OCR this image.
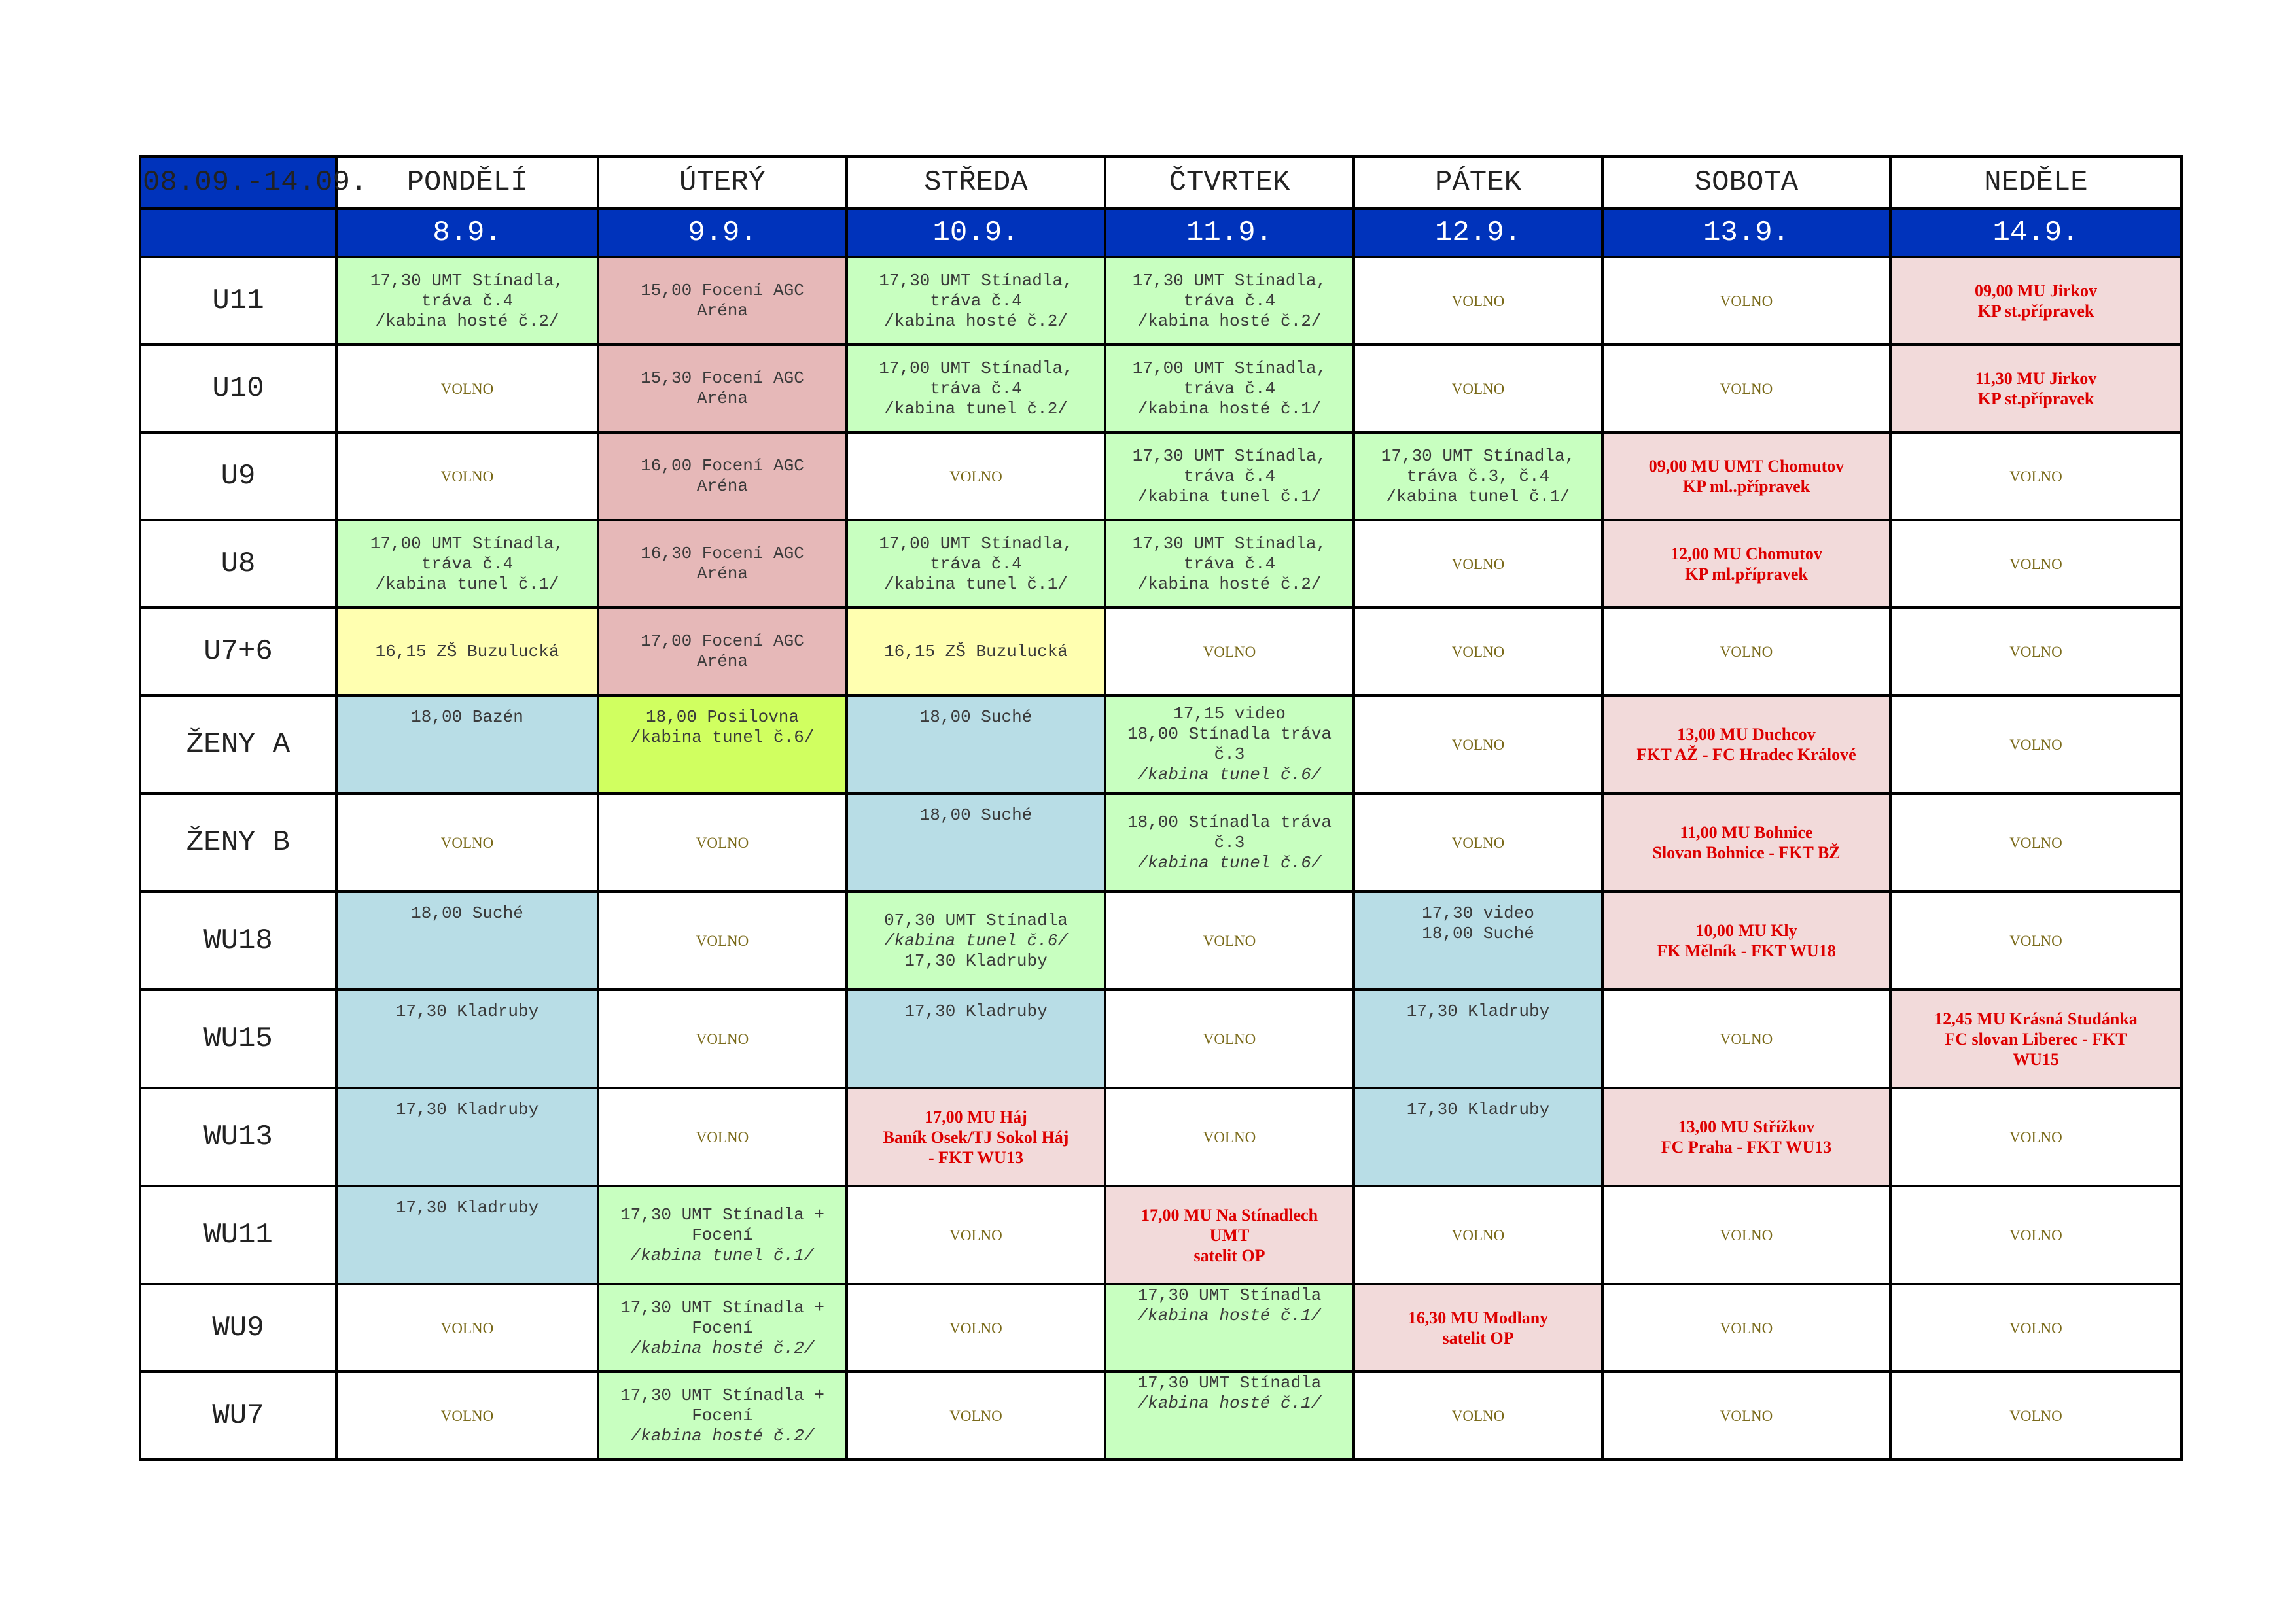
08.09.-14.09.	PONDĚLÍ	ÚTERÝ	STŘEDA	ČTVRTEK	PÁTEK	SOBOTA	NEDĚLE
	8.9.	9.9.	10.9.	11.9.	12.9.	13.9.	14.9.
U11	17,30 UMT Stínadla,
tráva č.4
/kabina hosté č.2/	15,00 Focení AGC
Aréna	17,30 UMT Stínadla,
tráva č.4
/kabina hosté č.2/	17,30 UMT Stínadla,
tráva č.4
/kabina hosté č.2/	VOLNO	VOLNO	09,00 MU Jirkov
KP st.přípravek
U10	VOLNO	15,30 Focení AGC
Aréna	17,00 UMT Stínadla,
tráva č.4
/kabina tunel č.2/	17,00 UMT Stínadla,
tráva č.4
/kabina hosté č.1/	VOLNO	VOLNO	11,30 MU Jirkov
KP st.přípravek
U9	VOLNO	16,00 Focení AGC
Aréna	VOLNO	17,30 UMT Stínadla,
tráva č.4
/kabina tunel č.1/	17,30 UMT Stínadla,
tráva č.3, č.4
/kabina tunel č.1/	09,00 MU UMT Chomutov
KP ml..přípravek	VOLNO
U8	17,00 UMT Stínadla,
tráva č.4
/kabina tunel č.1/	16,30 Focení AGC
Aréna	17,00 UMT Stínadla,
tráva č.4
/kabina tunel č.1/	17,30 UMT Stínadla,
tráva č.4
/kabina hosté č.2/	VOLNO	12,00 MU Chomutov
KP ml.přípravek	VOLNO
U7+6	16,15 ZŠ Buzulucká	17,00 Focení AGC
Aréna	16,15 ZŠ Buzulucká	VOLNO	VOLNO	VOLNO	VOLNO
ŽENY A	18,00 Bazén	18,00 Posilovna
/kabina tunel č.6/	18,00 Suché	17,15 video
18,00 Stínadla tráva
č.3
/kabina tunel č.6/	VOLNO	13,00 MU Duchcov
FKT AŽ - FC Hradec Králové	VOLNO
ŽENY B	VOLNO	VOLNO	18,00 Suché	18,00 Stínadla tráva
č.3
/kabina tunel č.6/	VOLNO	11,00 MU Bohnice
Slovan Bohnice - FKT BŽ	VOLNO
WU18	18,00 Suché	VOLNO	07,30 UMT Stínadla
/kabina tunel č.6/
17,30 Kladruby	VOLNO	17,30 video
18,00 Suché	10,00 MU Kly
FK Mělník - FKT WU18	VOLNO
WU15	17,30 Kladruby	VOLNO	17,30 Kladruby	VOLNO	17,30 Kladruby	VOLNO	12,45 MU Krásná Studánka
FC slovan Liberec - FKT
WU15
WU13	17,30 Kladruby	VOLNO	17,00 MU Háj
Baník Osek/TJ Sokol Háj
- FKT WU13	VOLNO	17,30 Kladruby	13,00 MU Střížkov
FC Praha - FKT WU13	VOLNO
WU11	17,30 Kladruby	17,30 UMT Stínadla +
Focení
/kabina tunel č.1/	VOLNO	17,00 MU Na Stínadlech
UMT
satelit OP	VOLNO	VOLNO	VOLNO
WU9	VOLNO	17,30 UMT Stínadla +
Focení
/kabina hosté č.2/	VOLNO	17,30 UMT Stínadla
/kabina hosté č.1/	16,30 MU Modlany
satelit OP	VOLNO	VOLNO
WU7	VOLNO	17,30 UMT Stínadla +
Focení
/kabina hosté č.2/	VOLNO	17,30 UMT Stínadla
/kabina hosté č.1/	VOLNO	VOLNO	VOLNO
